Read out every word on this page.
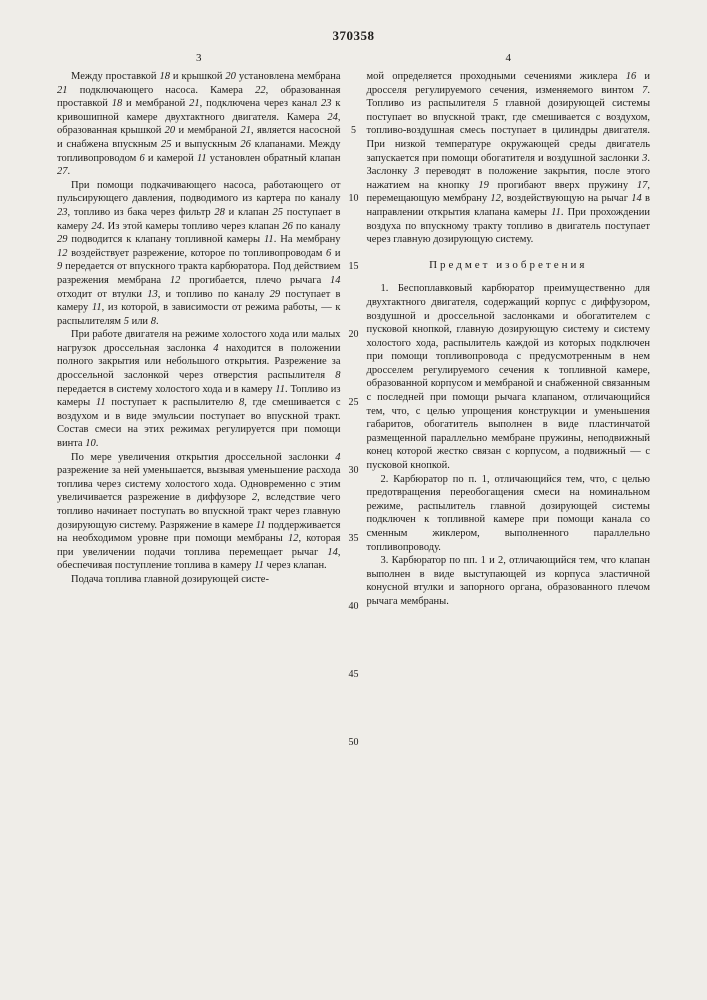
370358
3	4

Между проставкой 18 и крышкой 20 установлена мембрана 21 подключающего насоса. Камера 22, образованная проставкой 18 и мембраной 21, подключена через канал 23 к кривошипной камере двухтактного двигателя. Камера 24, образованная крышкой 20 и мембраной 21, является насосной и снабжена впускным 25 и выпускным 26 клапанами. Между топливопроводом 6 и камерой 11 установлен обратный клапан 27.

При помощи подкачивающего насоса, работающего от пульсирующего давления, подводимого из картера по каналу 23, топливо из бака через фильтр 28 и клапан 25 поступает в камеру 24. Из этой камеры топливо через клапан 26 по каналу 29 подводится к клапану топливной камеры 11. На мембрану 12 воздействует разрежение, которое по топливопроводам 6 и 9 передается от впускного тракта карбюратора. Под действием разрежения мембрана 12 прогибается, плечо рычага 14 отходит от втулки 13, и топливо по каналу 29 поступает в камеру 11, из которой, в зависимости от режима работы, — к распылителям 5 или 8.

При работе двигателя на режиме холостого хода или малых нагрузок дроссельная заслонка 4 находится в положении полного закрытия или небольшого открытия. Разрежение за дроссельной заслонкой через отверстия распылителя 8 передается в систему холостого хода и в камеру 11. Топливо из камеры 11 поступает к распылителю 8, где смешивается с воздухом и в виде эмульсии поступает во впускной тракт. Состав смеси на этих режимах регулируется при помощи винта 10.

По мере увеличения открытия дроссельной заслонки 4 разрежение за ней уменьшается, вызывая уменьшение расхода топлива через систему холостого хода. Одновременно с этим увеличивается разрежение в диффузоре 2, вследствие чего топливо начинает поступать во впускной тракт через главную дозирующую систему. Разряжение в камере 11 поддерживается на необходимом уровне при помощи мембраны 12, которая при увеличении подачи топлива перемещает рычаг 14, обеспечивая поступление топлива в камеру 11 через клапан.

Подача топлива главной дозирующей систе-

5
10
15
20
25
30
35
40
45
50

мой определяется проходными сечениями жиклера 16 и дросселя регулируемого сечения, изменяемого винтом 7. Топливо из распылителя 5 главной дозирующей системы поступает во впускной тракт, где смешивается с воздухом, топливо-воздушная смесь поступает в цилиндры двигателя. При низкой температуре окружающей среды двигатель запускается при помощи обогатителя и воздушной заслонки 3. Заслонку 3 переводят в положение закрытия, после этого нажатием на кнопку 19 прогибают вверх пружину 17, перемещающую мембрану 12, воздействующую на рычаг 14 в направлении открытия клапана камеры 11. При прохождении воздуха по впускному тракту топливо в двигатель поступает через главную дозирующую систему.

Предмет изобретения

1. Беспоплавковый карбюратор преимущественно для двухтактного двигателя, содержащий корпус с диффузором, воздушной и дроссельной заслонками и обогатителем с пусковой кнопкой, главную дозирующую систему и систему холостого хода, распылитель каждой из которых подключен при помощи топливопровода с предусмотренным в нем дросселем регулируемого сечения к топливной камере, образованной корпусом и мембраной и снабженной связанным с последней при помощи рычага клапаном, отличающийся тем, что, с целью упрощения конструкции и уменьшения габаритов, обогатитель выполнен в виде пластинчатой размещенной параллельно мембране пружины, неподвижный конец которой жестко связан с корпусом, а подвижный — с пусковой кнопкой.

2. Карбюратор по п. 1, отличающийся тем, что, с целью предотвращения переобогащения смеси на номинальном режиме, распылитель главной дозирующей системы подключен к топливной камере при помощи канала со сменным жиклером, выполненного параллельно топливопроводу.

3. Карбюратор по пп. 1 и 2, отличающийся тем, что клапан выполнен в виде выступающей из корпуса эластичной конусной втулки и запорного органа, образованного плечом рычага мембраны.
